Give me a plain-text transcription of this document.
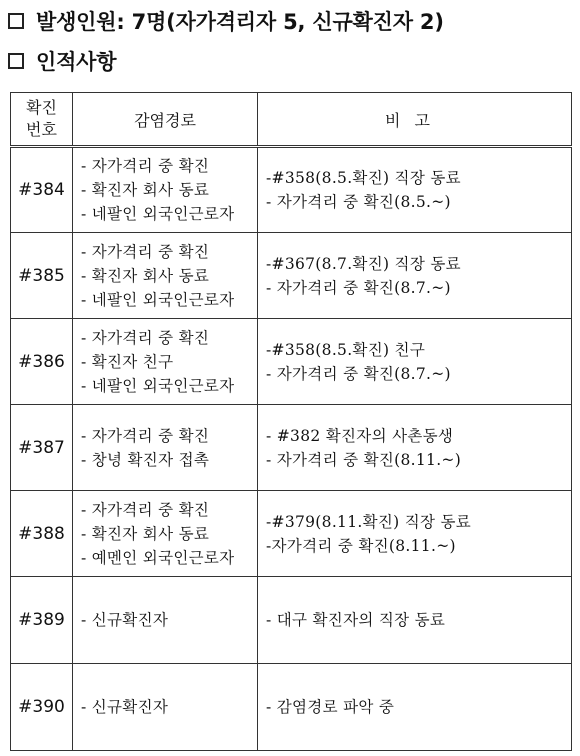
발생인원: 7명(자가격리자 5, 신규확진자 2)
인적사항
확진
번호	감염경로	비고
#384	- 자가격리 중 확진
- 확진자 회사 동료
- 네팔인 외국인근로자	-#358(8.5.확진) 직장 동료
- 자가격리 중 확진(8.5.~)

#385	- 자가격리 중 확진
- 확진자 회사 동료
- 네팔인 외국인근로자	-#367(8.7.확진) 직장 동료
- 자가격리 중 확진(8.7.~)

#386	- 자가격리 중 확진
- 확진자 친구
- 네팔인 외국인근로자	-#358(8.5.확진) 친구
- 자가격리 중 확진(8.7.~)

#387	- 자가격리 중 확진
- 창녕 확진자 접촉	- #382 확진자의 사촌동생
- 자가격리 중 확진(8.11.~)

#388	- 자가격리 중 확진
- 확진자 회사 동료
- 예멘인 외국인근로자	-#379(8.11.확진) 직장 동료
-자가격리 중 확진(8.11.~)

#389	- 신규확진자	- 대구 확진자의 직장 동료

#390	- 신규확진자	- 감염경로 파악 중
